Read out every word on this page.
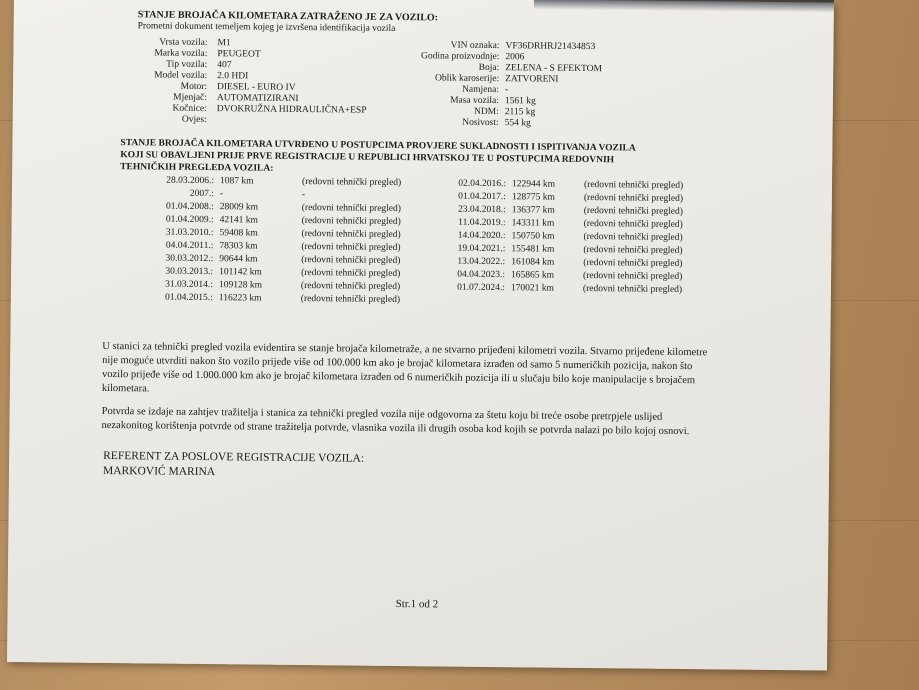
STANJE BROJAČA KILOMETARA ZATRAŽENO JE ZA VOZILO:
Prometni dokument temeljem kojeg je izvršena identifikacija vozila
Vrsta vozila: M1
Marka vozila: PEUGEOT
Tip vozila: 407
Model vozila: 2.0 HDI
Motor: DIESEL - EURO IV
Mjenjač: AUTOMATIZIRANI
Kočnice: DVOKRUŽNA HIDRAULIČNA+ESP
Ovjes:
VIN oznaka: VF36DRHRJ21434853
Godina proizvodnje: 2006
Boja: ZELENA - S EFEKTOM
Oblik karoserije: ZATVORENI
Namjena: -
Masa vozila: 1561 kg
NDM: 2115 kg
Nosivost: 554 kg
STANJE BROJAČA KILOMETARA UTVRĐENO U POSTUPCIMA PROVJERE SUKLADNOSTI I ISPITIVANJA VOZILA
KOJI SU OBAVLJENI PRIJE PRVE REGISTRACIJE U REPUBLICI HRVATSKOJ TE U POSTUPCIMA REDOVNIH
TEHNIČKIH PREGLEDA VOZILA:
28.03.2006.: 1087 km	(redovni tehnički pregled)
2007.: -	-
01.04.2008.: 28009 km	(redovni tehnički pregled)
01.04.2009.: 42141 km	(redovni tehnički pregled)
31.03.2010.: 59408 km	(redovni tehnički pregled)
04.04.2011.: 78303 km	(redovni tehnički pregled)
30.03.2012.: 90644 km	(redovni tehnički pregled)
30.03.2013.: 101142 km	(redovni tehnički pregled)
31.03.2014.: 109128 km	(redovni tehnički pregled)
01.04.2015.: 116223 km	(redovni tehnički pregled)
02.04.2016.: 122944 km	(redovni tehnički pregled)
01.04.2017.: 128775 km	(redovni tehnički pregled)
23.04.2018.: 136377 km	(redovni tehnički pregled)
11.04.2019.: 143311 km	(redovni tehnički pregled)
14.04.2020.: 150750 km	(redovni tehnički pregled)
19.04.2021.: 155481 km	(redovni tehnički pregled)
13.04.2022.: 161084 km	(redovni tehnički pregled)
04.04.2023.: 165865 km	(redovni tehnički pregled)
01.07.2024.: 170021 km	(redovni tehnički pregled)
U stanici za tehnički pregled vozila evidentira se stanje brojača kilometraže, a ne stvarno prijeđeni kilometri vozila. Stvarno prijeđene kilometre nije moguće utvrditi nakon što vozilo prijeđe više od 100.000 km ako je brojač kilometara izrađen od samo 5 numeričkih pozicija, nakon što vozilo prijeđe više od 1.000.000 km ako je brojač kilometara izrađen od 6 numeričkih pozicija ili u slučaju bilo koje manipulacije s brojačem kilometara.
Potvrda se izdaje na zahtjev tražitelja i stanica za tehnički pregled vozila nije odgovorna za štetu koju bi treće osobe pretrpjele uslijed nezakonitog korištenja potvrde od strane tražitelja potvrde, vlasnika vozila ili drugih osoba kod kojih se potvrda nalazi po bilo kojoj osnovi.
REFERENT ZA POSLOVE REGISTRACIJE VOZILA:
MARKOVIĆ MARINA
Str.1 od 2
